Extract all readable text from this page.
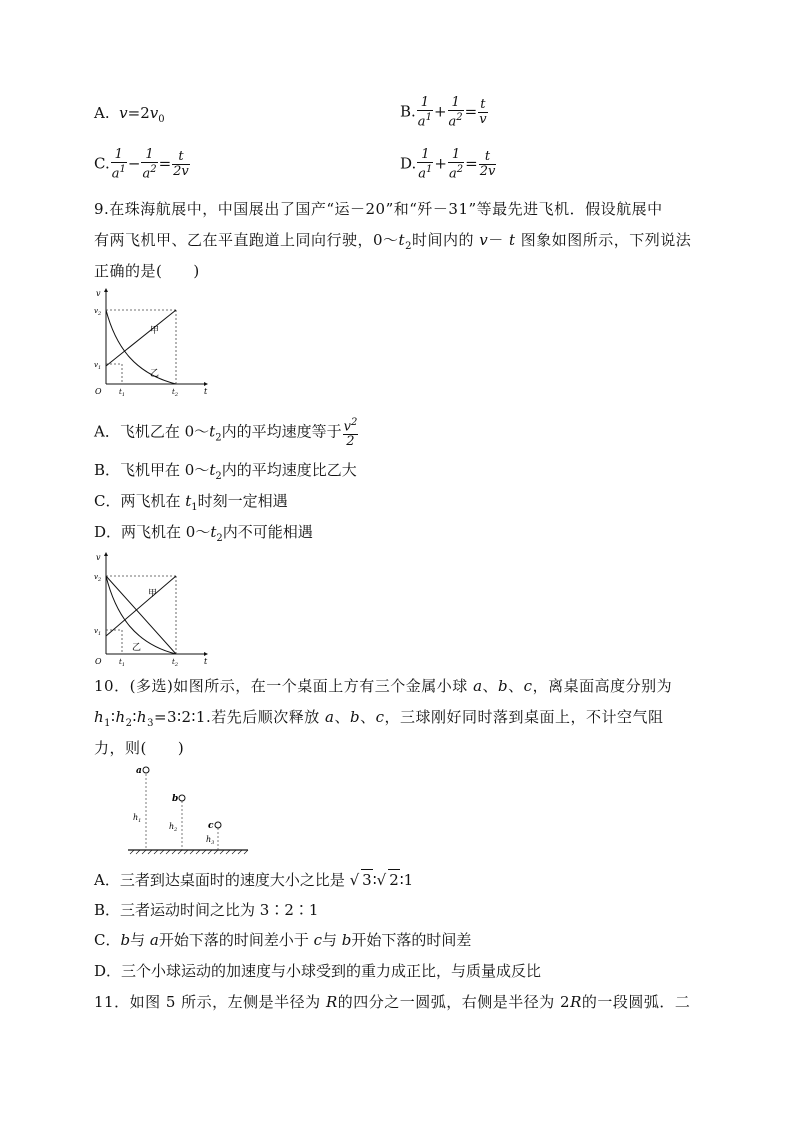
A. $v=2v_0$	B. $\frac{1}{a^1} + \frac{1}{a^2} = \frac{t}{v}$
C. $\frac{1}{a^1} - \frac{1}{a^2} = \frac{t}{2v}$	D. $\frac{1}{a^1} + \frac{1}{a^2} = \frac{t}{2v}$
9.在珠海航展中，中国展出了国产“运－20”和“歼－31”等最先进飞机．假设航展中
有两飞机甲、乙在平直跑道上同向行驶，$0\sim t_2$时间内的 v－ t 图象如图所示，下列说法
正确的是(　　)
v
t
O
$v_2$
$v_1$
$t_1$	$t_2$
甲
乙
A．飞机乙在 $0\sim t_2$内的平均速度等于 $\frac{v^2}{2}$
B．飞机甲在 $0\sim t_2$内的平均速度比乙大
C．两飞机在 $t_1$时刻一定相遇
D．两飞机在 $0\sim t_2$内不可能相遇
v
t
O
$v_2$
$v_1$
$t_1$	$t_2$
甲
乙
10．(多选)如图所示，在一个桌面上方有三个金属小球 a、b、c，离桌面高度分别为
$h_1∶h_2∶h_3=3∶2∶1$.若先后顺次释放 a、b、c，三球刚好同时落到桌面上，不计空气阻
力，则(　　)
a
b
c
$h_1$
$h_2$
$h_3$
A．三者到达桌面时的速度大小之比是 √ 3∶√ 2∶1
B．三者运动时间之比为 3∶2∶1
C．b与 a开始下落的时间差小于 c与 b开始下落的时间差
D．三个小球运动的加速度与小球受到的重力成正比，与质量成反比
11．如图 5 所示，左侧是半径为 R的四分之一圆弧，右侧是半径为 2R的一段圆弧．二
